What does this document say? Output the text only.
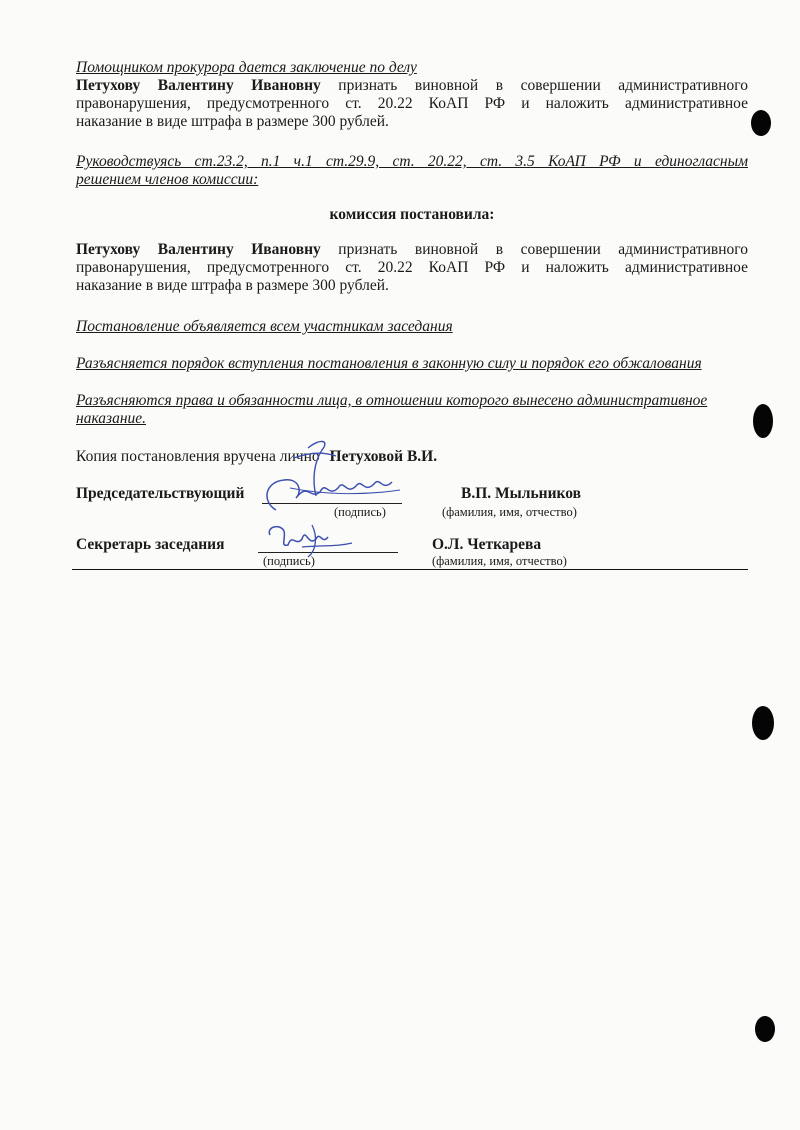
Помощником прокурора дается заключение по делу
Петухову Валентину Ивановну признать виновной в совершении административного
правонарушения, предусмотренного ст. 20.22 КоАП РФ и наложить административное
наказание в виде штрафа в размере 300 рублей.
Руководствуясь ст.23.2, п.1 ч.1 ст.29.9, ст. 20.22, ст. 3.5 КоАП РФ и единогласным
решением членов комиссии:
комиссия постановила:
Петухову Валентину Ивановну признать виновной в совершении административного
правонарушения, предусмотренного ст. 20.22 КоАП РФ и наложить административное
наказание в виде штрафа в размере 300 рублей.
Постановление объявляется всем участникам заседания
Разъясняется порядок вступления постановления в законную силу и порядок его обжалования
Разъясняются права и обязанности лица, в отношении которого вынесено административное
наказание.
Копия постановления вручена лично Петуховой В.И.
Председательствующий
(подпись)
В.П. Мыльников
(фамилия, имя, отчество)
Секретарь заседания
(подпись)
О.Л. Четкарева
(фамилия, имя, отчество)
